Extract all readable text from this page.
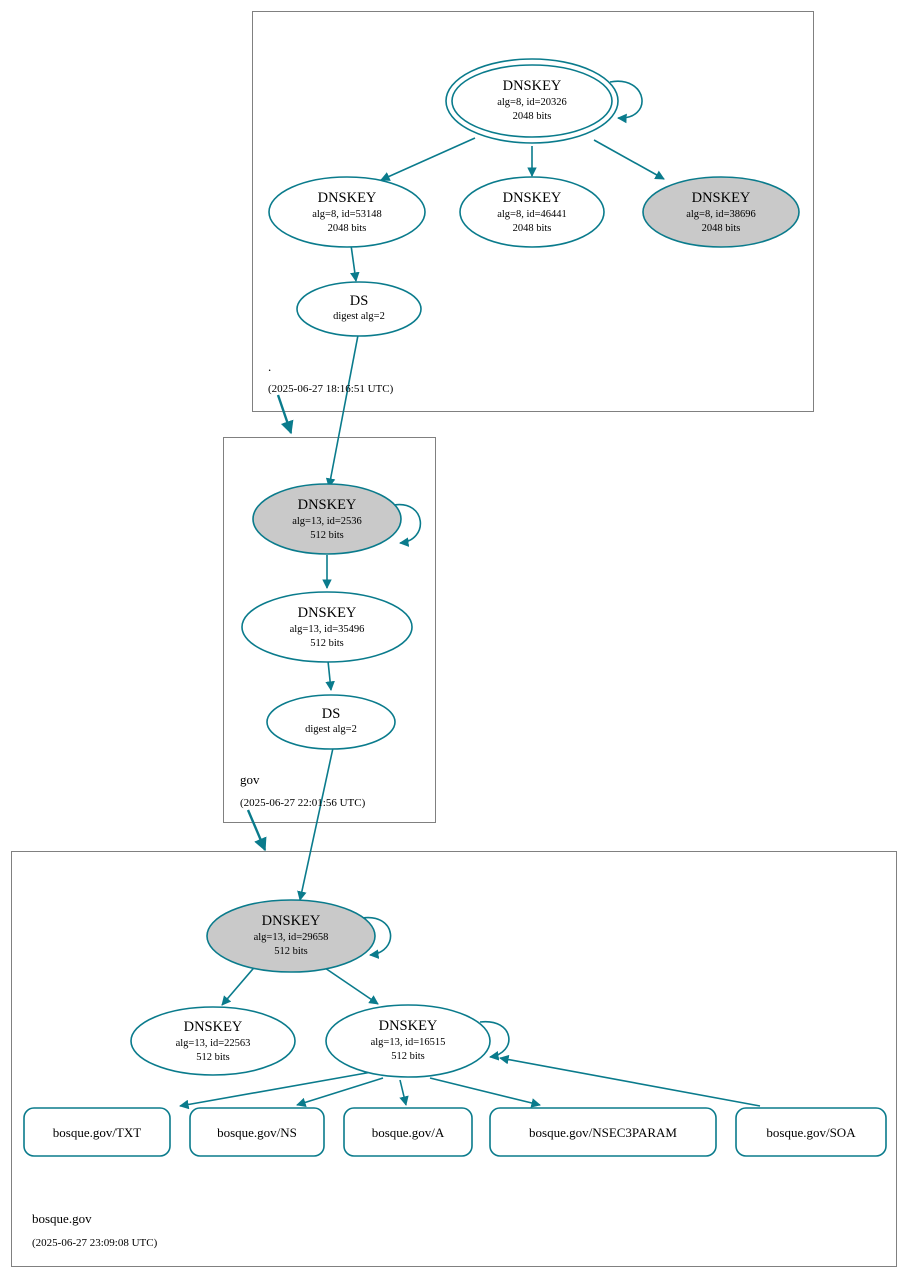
DNSKEY
alg=8, id=20326
2048 bits
DNSKEY
alg=8, id=53148
2048 bits
DNSKEY
alg=8, id=46441
2048 bits
DNSKEY
alg=8, id=38696
2048 bits
DS
digest alg=2
.
(2025-06-27 18:16:51 UTC)
DNSKEY
alg=13, id=2536
512 bits
DNSKEY
alg=13, id=35496
512 bits
DS
digest alg=2
gov
(2025-06-27 22:01:56 UTC)
DNSKEY
alg=13, id=29658
512 bits
DNSKEY
alg=13, id=22563
512 bits
DNSKEY
alg=13, id=16515
512 bits
bosque.gov/TXT	bosque.gov/NS	bosque.gov/A	bosque.gov/NSEC3PARAM	bosque.gov/SOA
bosque.gov
(2025-06-27 23:09:08 UTC)
